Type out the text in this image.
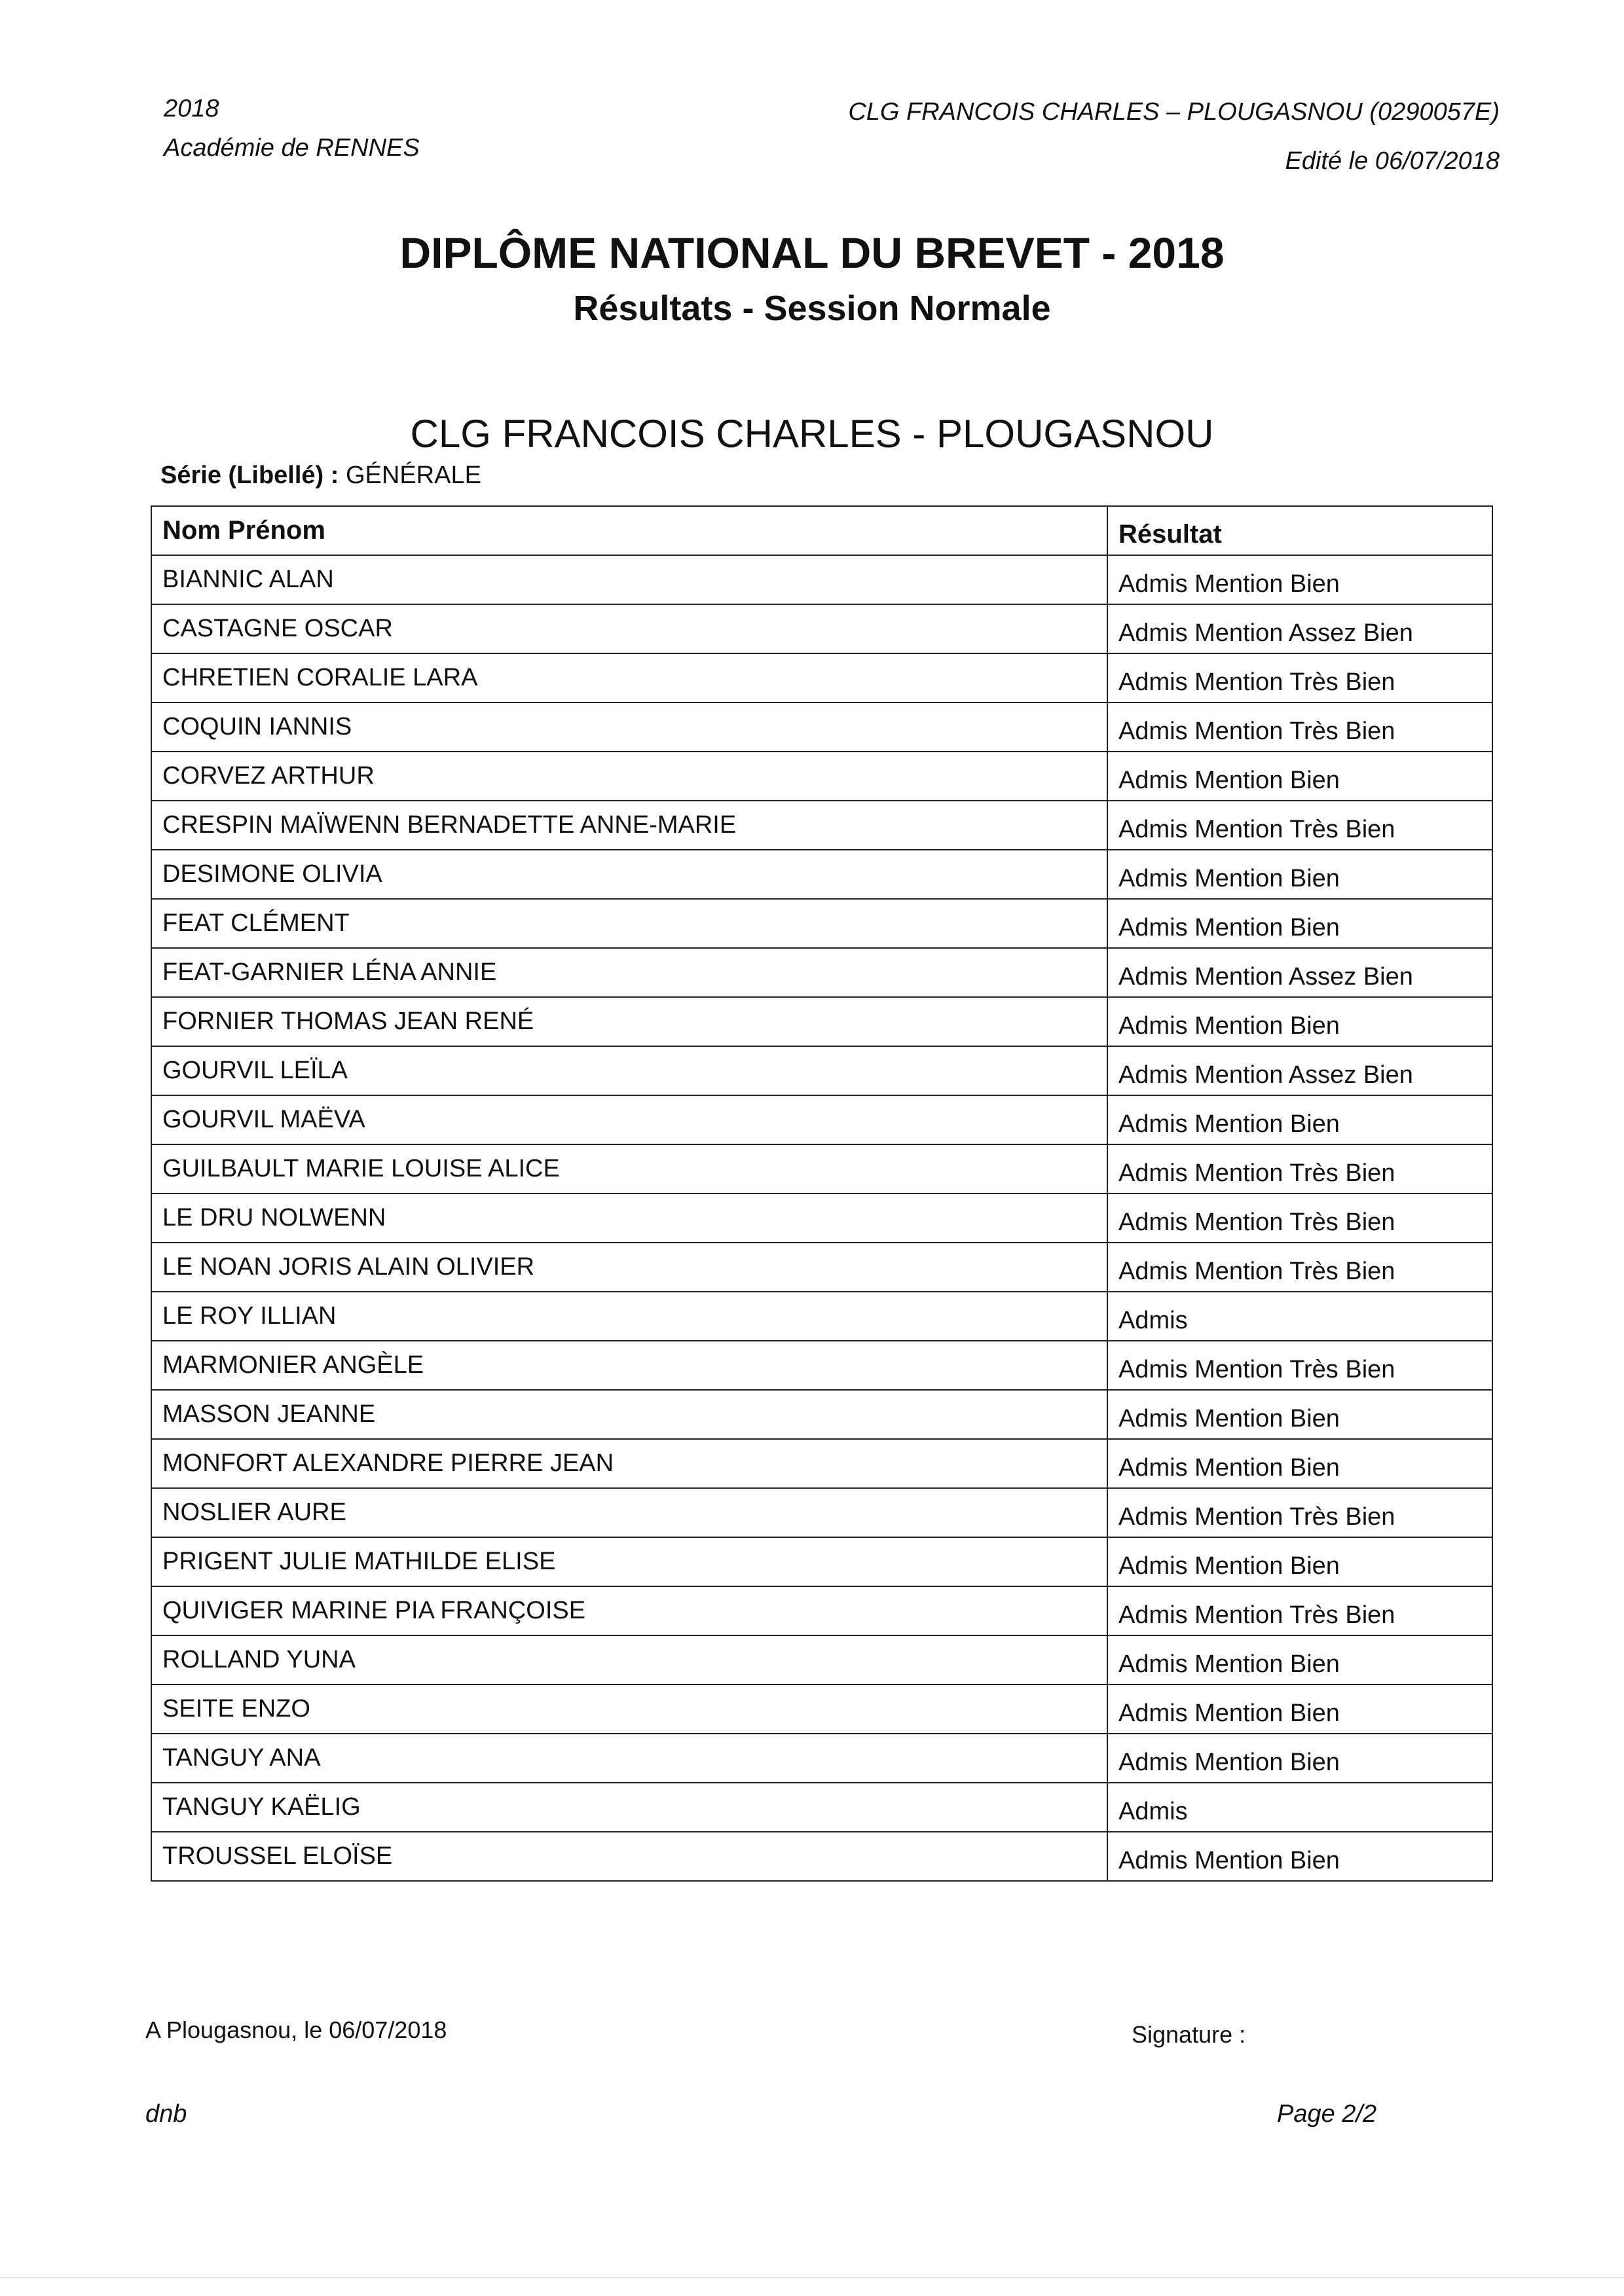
2018
Académie de RENNES
CLG FRANCOIS CHARLES – PLOUGASNOU (0290057E)
Edité le 06/07/2018
DIPLÔME NATIONAL DU BREVET - 2018
Résultats - Session Normale
CLG FRANCOIS CHARLES - PLOUGASNOU
Série (Libellé) : GÉNÉRALE
Nom Prénom	Résultat
BIANNIC ALAN	Admis Mention Bien
CASTAGNE OSCAR	Admis Mention Assez Bien
CHRETIEN CORALIE LARA	Admis Mention Très Bien
COQUIN IANNIS	Admis Mention Très Bien
CORVEZ ARTHUR	Admis Mention Bien
CRESPIN MAÏWENN BERNADETTE ANNE-MARIE	Admis Mention Très Bien
DESIMONE OLIVIA	Admis Mention Bien
FEAT CLÉMENT	Admis Mention Bien
FEAT-GARNIER LÉNA ANNIE	Admis Mention Assez Bien
FORNIER THOMAS JEAN RENÉ	Admis Mention Bien
GOURVIL LEÏLA	Admis Mention Assez Bien
GOURVIL MAËVA	Admis Mention Bien
GUILBAULT MARIE LOUISE ALICE	Admis Mention Très Bien
LE DRU NOLWENN	Admis Mention Très Bien
LE NOAN JORIS ALAIN OLIVIER	Admis Mention Très Bien
LE ROY ILLIAN	Admis
MARMONIER ANGÈLE	Admis Mention Très Bien
MASSON JEANNE	Admis Mention Bien
MONFORT ALEXANDRE PIERRE JEAN	Admis Mention Bien
NOSLIER AURE	Admis Mention Très Bien
PRIGENT JULIE MATHILDE ELISE	Admis Mention Bien
QUIVIGER MARINE PIA FRANÇOISE	Admis Mention Très Bien
ROLLAND YUNA	Admis Mention Bien
SEITE ENZO	Admis Mention Bien
TANGUY ANA	Admis Mention Bien
TANGUY KAËLIG	Admis
TROUSSEL ELOÏSE	Admis Mention Bien
A Plougasnou, le 06/07/2018	Signature :
dnb	Page 2/2
